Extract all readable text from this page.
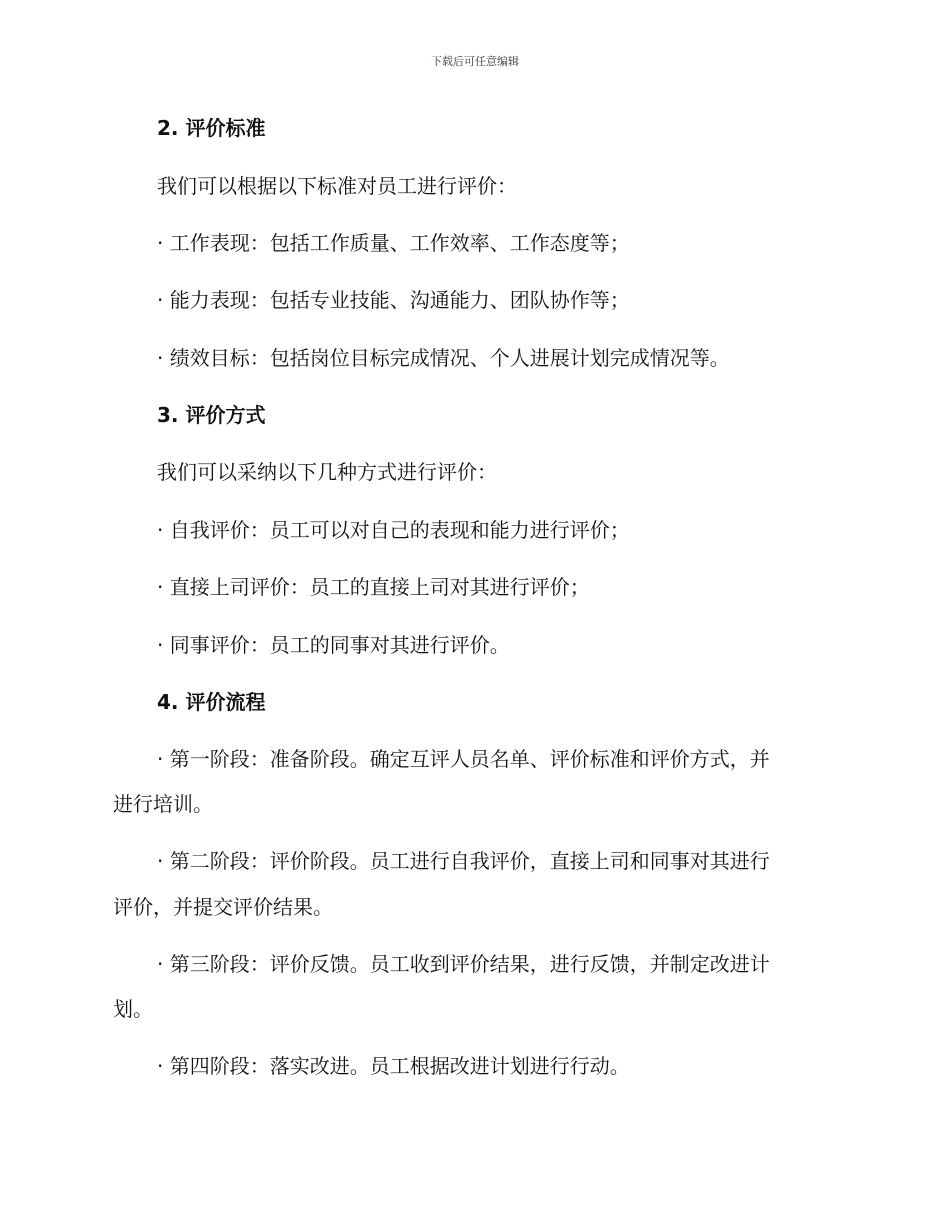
下载后可任意编辑
2. 评价标准
我们可以根据以下标准对员工进行评价：
· 工作表现：包括工作质量、工作效率、工作态度等；
· 能力表现：包括专业技能、沟通能力、团队协作等；
· 绩效目标：包括岗位目标完成情况、个人进展计划完成情况等。
3. 评价方式
我们可以采纳以下几种方式进行评价：
· 自我评价：员工可以对自己的表现和能力进行评价；
· 直接上司评价：员工的直接上司对其进行评价；
· 同事评价：员工的同事对其进行评价。
4. 评价流程
· 第一阶段：准备阶段。确定互评人员名单、评价标准和评价方式，并
进行培训。
· 第二阶段：评价阶段。员工进行自我评价，直接上司和同事对其进行
评价，并提交评价结果。
· 第三阶段：评价反馈。员工收到评价结果，进行反馈，并制定改进计
划。
· 第四阶段：落实改进。员工根据改进计划进行行动。
